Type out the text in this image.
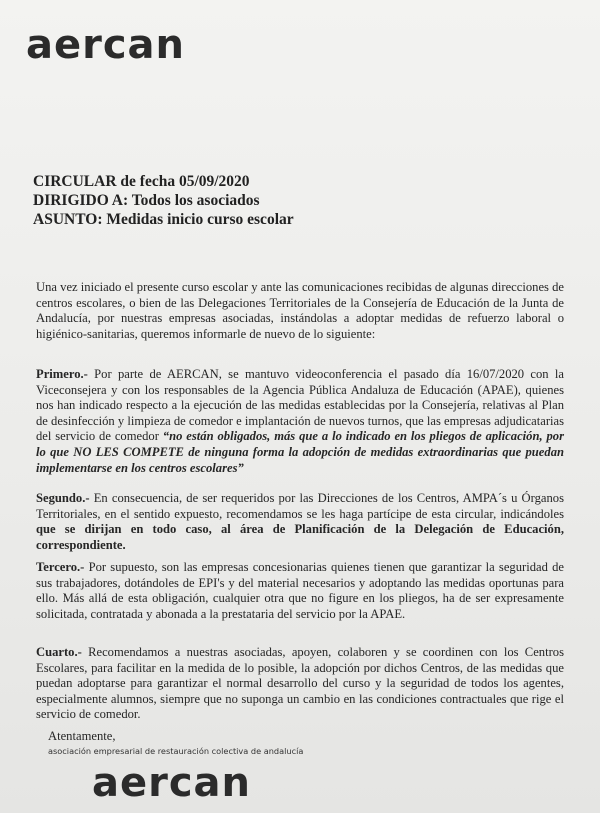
aercan
CIRCULAR de fecha 05/09/2020
DIRIGIDO A: Todos los asociados
ASUNTO: Medidas inicio curso escolar
Una vez iniciado el presente curso escolar y ante las comunicaciones recibidas de algunas direcciones de centros escolares, o bien de las Delegaciones Territoriales de la Consejería de Educación de la Junta de Andalucía, por nuestras empresas asociadas, instándolas a adoptar medidas de refuerzo laboral o higiénico-sanitarias, queremos informarle de nuevo de lo siguiente:
Primero.- Por parte de AERCAN, se mantuvo videoconferencia el pasado día 16/07/2020 con la Viceconsejera y con los responsables de la Agencia Pública Andaluza de Educación (APAE), quienes nos han indicado respecto a la ejecución de las medidas establecidas por la Consejería, relativas al Plan de desinfección y limpieza de comedor e implantación de nuevos turnos, que las empresas adjudicatarias del servicio de comedor “no están obligados, más que a lo indicado en los pliegos de aplicación, por lo que NO LES COMPETE de ninguna forma la adopción de medidas extraordinarias que puedan implementarse en los centros escolares”
Segundo.- En consecuencia, de ser requeridos por las Direcciones de los Centros, AMPA´s u Órganos Territoriales, en el sentido expuesto, recomendamos se les haga partícipe de esta circular, indicándoles que se dirijan en todo caso, al área de Planificación de la Delegación de Educación, correspondiente.
Tercero.- Por supuesto, son las empresas concesionarias quienes tienen que garantizar la seguridad de sus trabajadores, dotándoles de EPI's y del material necesarios y adoptando las medidas oportunas para ello. Más allá de esta obligación, cualquier otra que no figure en los pliegos, ha de ser expresamente solicitada, contratada y abonada a la prestataria del servicio por la APAE.
Cuarto.- Recomendamos a nuestras asociadas, apoyen, colaboren y se coordinen con los Centros Escolares, para facilitar en la medida de lo posible, la adopción por dichos Centros, de las medidas que puedan adoptarse para garantizar el normal desarrollo del curso y la seguridad de todos los agentes, especialmente alumnos, siempre que no suponga un cambio en las condiciones contractuales que rige el servicio de comedor.
Atentamente,
asociación empresarial de restauración colectiva de andalucía
aercan
